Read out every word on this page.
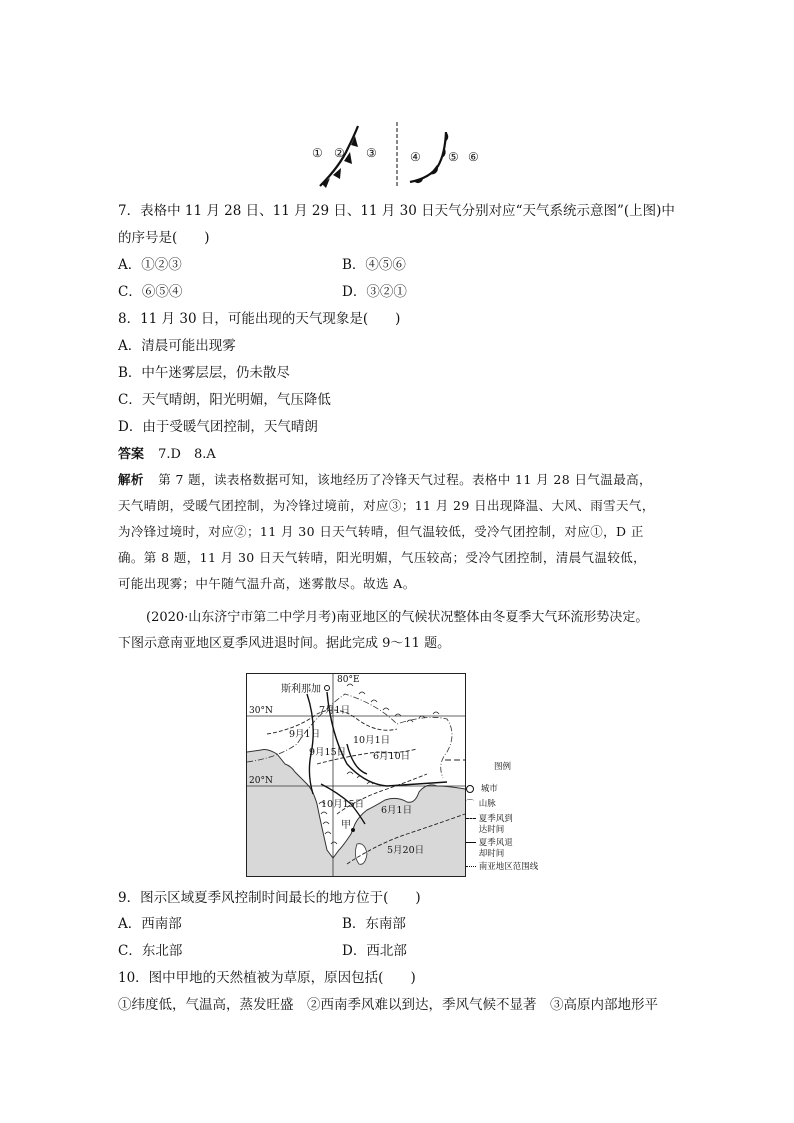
① ② ③	④ ⑤ ⑥
7．表格中 11 月 28 日、11 月 29 日、11 月 30 日天气分别对应“天气系统示意图”(上图)中
的序号是(　　)
A．①②③	B．④⑤⑥
C．⑥⑤④	D．③②①
8．11 月 30 日，可能出现的天气现象是(　　)
A．清晨可能出现雾
B．中午迷雾层层，仍未散尽
C．天气晴朗，阳光明媚，气压降低
D．由于受暖气团控制，天气晴朗
答案 7.D　8.A
解析 第 7 题，读表格数据可知，该地经历了冷锋天气过程。表格中 11 月 28 日气温最高，
天气晴朗，受暖气团控制，为冷锋过境前，对应③；11 月 29 日出现降温、大风、雨雪天气，
为冷锋过境时，对应②；11 月 30 日天气转晴，但气温较低，受冷气团控制，对应①，D 正
确。第 8 题，11 月 30 日天气转晴，阳光明媚，气压较高；受冷气团控制，清晨气温较低，
可能出现雾；中午随气温升高，迷雾散尽。故选 A。
(2020·山东济宁市第二中学月考)南亚地区的气候状况整体由冬夏季大气环流形势决定。
下图示意南亚地区夏季风进退时间。据此完成 9～11 题。
80°E
30°N
20°N
斯利那加
7月1日
9月1日
9月15日
10月1日
6月10日
10月15日
6月1日
5月20日
甲
图例
城市
⌒ 山脉
夏季风到达时间
夏季风退却时间
南亚地区范围线
9．图示区域夏季风控制时间最长的地方位于(　　)
A．西南部	B．东南部
C．东北部	D．西北部
10．图中甲地的天然植被为草原，原因包括(　　)
①纬度低，气温高，蒸发旺盛　②西南季风难以到达，季风气候不显著　③高原内部地形平
